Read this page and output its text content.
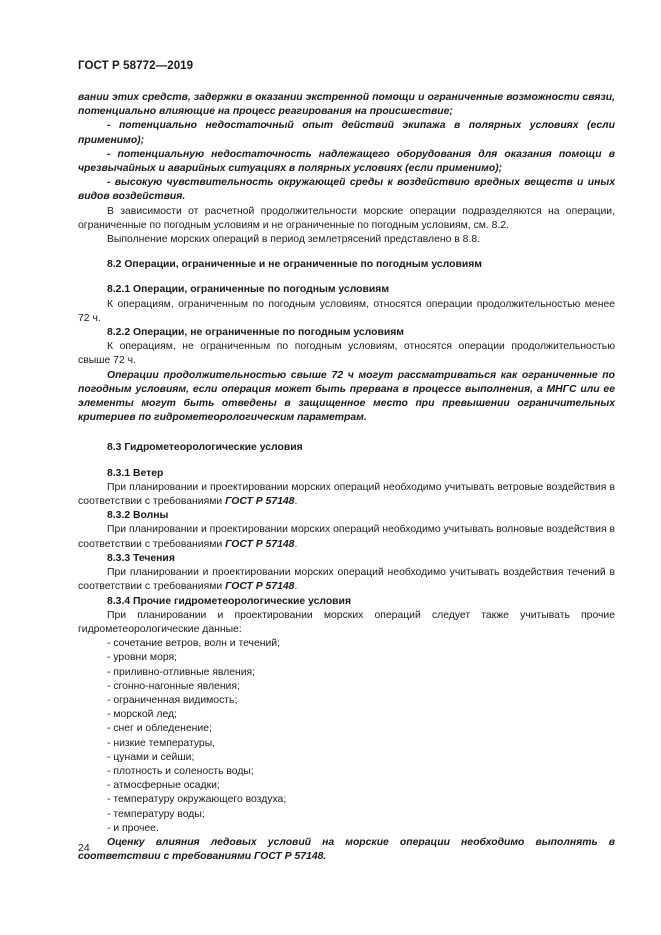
ГОСТ Р 58772—2019

вании этих средств, задержки в оказании экстренной помощи и ограниченные возможности связи, потенциально влияющие на процесс реагирования на происшествие;

- потенциально недостаточный опыт действий экипажа в полярных условиях (если применимо);

- потенциальную недостаточность надлежащего оборудования для оказания помощи в чрезвычайных и аварийных ситуациях в полярных условиях (если применимо);

- высокую чувствительность окружающей среды к воздействию вредных веществ и иных видов воздействия.

В зависимости от расчетной продолжительности морские операции подразделяются на операции, ограниченные по погодным условиям и не ограниченные по погодным условиям, см. 8.2.

Выполнение морских операций в период землетрясений представлено в 8.8.

8.2 Операции, ограниченные и не ограниченные по погодным условиям

8.2.1 Операции, ограниченные по погодным условиям

К операциям, ограниченным по погодным условиям, относятся операции продолжительностью менее 72 ч.

8.2.2 Операции, не ограниченные по погодным условиям

К операциям, не ограниченным по погодным условиям, относятся операции продолжительностью свыше 72 ч.

Операции продолжительностью свыше 72 ч могут рассматриваться как ограниченные по погодным условиям, если операция может быть прервана в процессе выполнения, а МНГС или ее элементы могут быть отведены в защищенное место при превышении ограничительных критериев по гидрометеорологическим параметрам.

8.3 Гидрометеорологические условия

8.3.1 Ветер

При планировании и проектировании морских операций необходимо учитывать ветровые воздействия в соответствии с требованиями ГОСТ Р 57148.

8.3.2 Волны

При планировании и проектировании морских операций необходимо учитывать волновые воздействия в соответствии с требованиями ГОСТ Р 57148.

8.3.3 Течения

При планировании и проектировании морских операций необходимо учитывать воздействия течений в соответствии с требованиями ГОСТ Р 57148.

8.3.4 Прочие гидрометеорологические условия

При планировании и проектировании морских операций следует также учитывать прочие гидрометеорологические данные:

- сочетание ветров, волн и течений;

- уровни моря;

- приливно-отливные явления;

- сгонно-нагонные явления;

- ограниченная видимость;

- морской лед;

- снег и обледенение;

- низкие температуры,

- цунами и сейши;

- плотность и соленость воды;

- атмосферные осадки;

- температуру окружающего воздуха;

- температуру воды;

- и прочее.

Оценку влияния ледовых условий на морские операции необходимо выполнять в соответствии с требованиями ГОСТ Р 57148.

24
